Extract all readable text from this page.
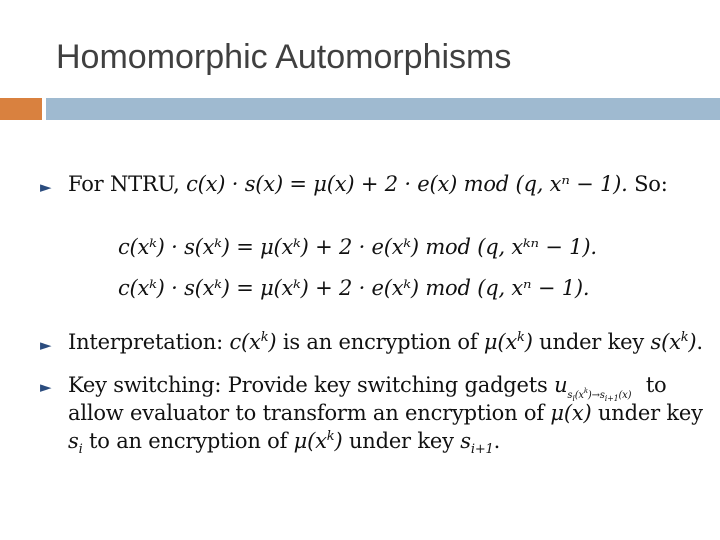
Homomorphic Automorphisms
► For NTRU, c(x) · s(x) = μ(x) + 2 · e(x) mod (q, xⁿ − 1). So:
c(xᵏ) · s(xᵏ) = μ(xᵏ) + 2 · e(xᵏ) mod (q, xᵏⁿ − 1).
c(xᵏ) · s(xᵏ) = μ(xᵏ) + 2 · e(xᵏ) mod (q, xⁿ − 1).
► Interpretation: $c(x^k)$ is an encryption of $\mu(x^k)$ under key $s(x^k)$.
► Key switching: Provide key switching gadgets $u_{s_i(x^k)\to s_{i+1}(x)}$ to
allow evaluator to transform an encryption of μ(x) under key
$s_i$ to an encryption of $\mu(x^k)$ under key $s_{i+1}$.
